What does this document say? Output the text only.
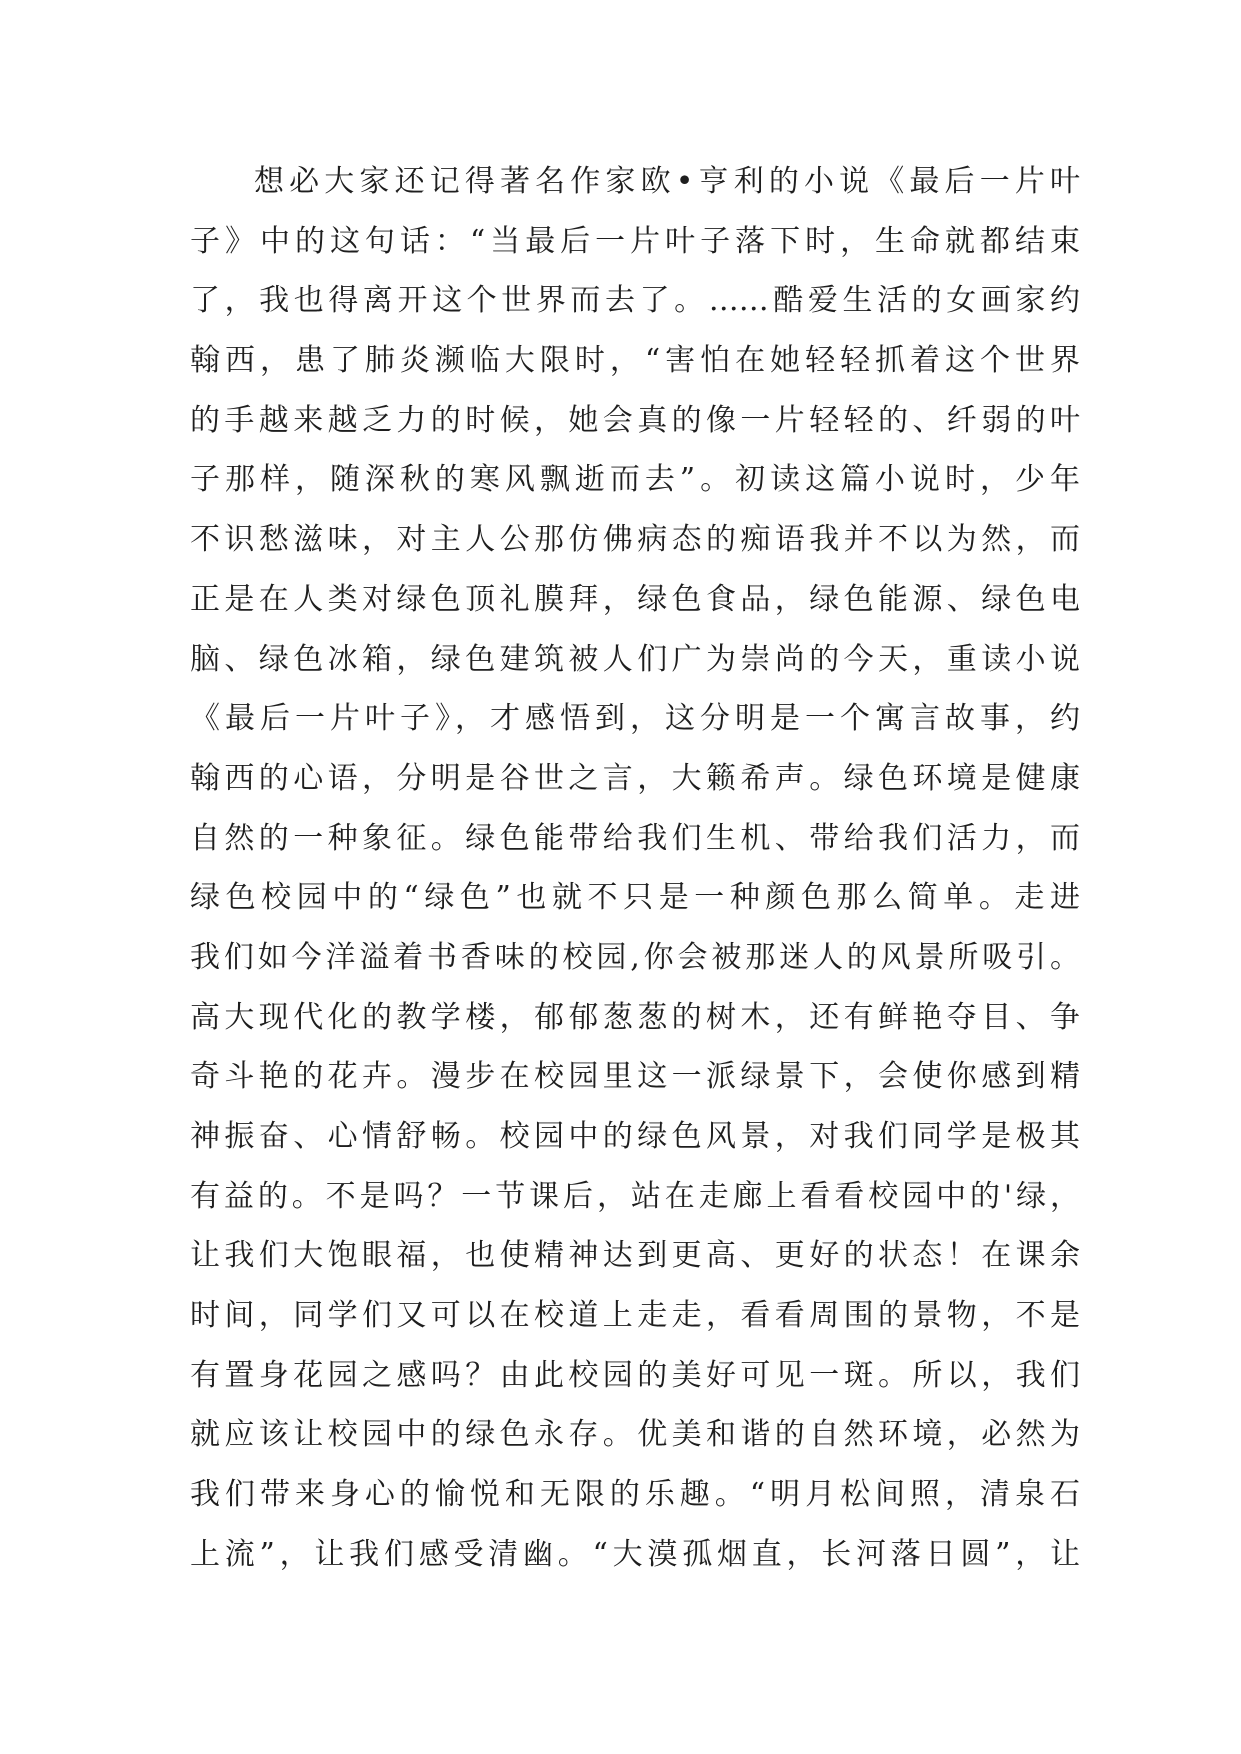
想必大家还记得著名作家欧•亨利的小说《最后一片叶
子》中的这句话：“当最后一片叶子落下时，生命就都结束
了，我也得离开这个世界而去了。……酷爱生活的女画家约
翰西，患了肺炎濒临大限时，“害怕在她轻轻抓着这个世界
的手越来越乏力的时候，她会真的像一片轻轻的、纤弱的叶
子那样，随深秋的寒风飘逝而去”。初读这篇小说时，少年
不识愁滋味，对主人公那仿佛病态的痴语我并不以为然，而
正是在人类对绿色顶礼膜拜，绿色食品，绿色能源、绿色电
脑、绿色冰箱，绿色建筑被人们广为崇尚的今天，重读小说
《最后一片叶子》，才感悟到，这分明是一个寓言故事，约
翰西的心语，分明是谷世之言，大籁希声。绿色环境是健康
自然的一种象征。绿色能带给我们生机、带给我们活力，而
绿色校园中的“绿色”也就不只是一种颜色那么简单。走进
我们如今洋溢着书香味的校园,你会被那迷人的风景所吸引。
高大现代化的教学楼，郁郁葱葱的树木，还有鲜艳夺目、争
奇斗艳的花卉。漫步在校园里这一派绿景下，会使你感到精
神振奋、心情舒畅。校园中的绿色风景，对我们同学是极其
有益的。不是吗？一节课后，站在走廊上看看校园中的'绿，
让我们大饱眼福，也使精神达到更高、更好的状态！在课余
时间，同学们又可以在校道上走走，看看周围的景物，不是
有置身花园之感吗？由此校园的美好可见一斑。所以，我们
就应该让校园中的绿色永存。优美和谐的自然环境，必然为
我们带来身心的愉悦和无限的乐趣。“明月松间照，清泉石
上流”，让我们感受清幽。“大漠孤烟直，长河落日圆”，让
